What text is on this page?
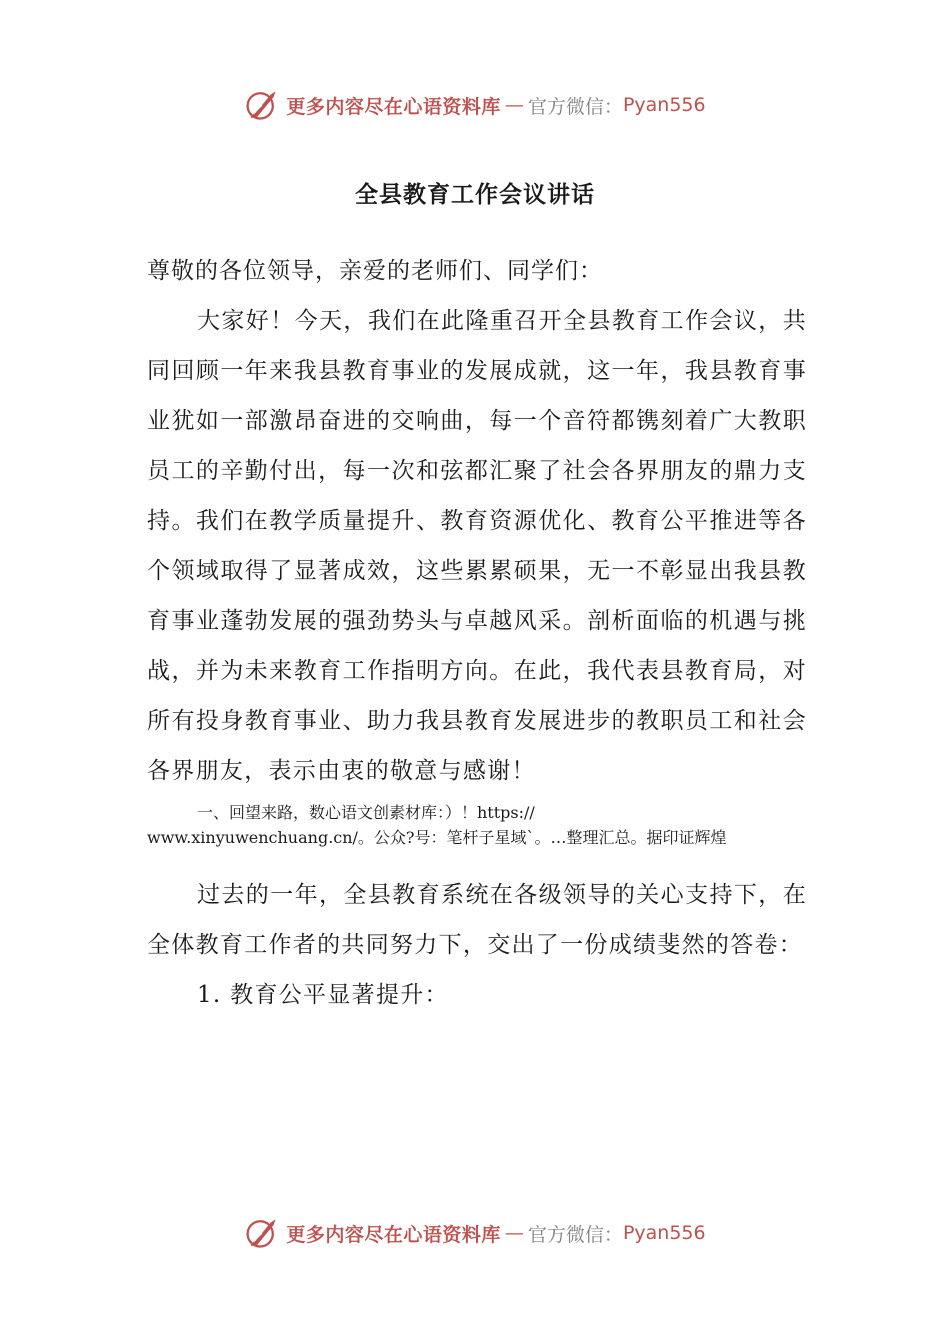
更多内容尽在心语资料库 — 官方微信： Pyan556
全县教育工作会议讲话

尊敬的各位领导，亲爱的老师们、同学们：

大家好！今天，我们在此隆重召开全县教育工作会议，共同回顾一年来我县教育事业的发展成就，这一年，我县教育事业犹如一部激昂奋进的交响曲，每一个音符都镌刻着广大教职员工的辛勤付出，每一次和弦都汇聚了社会各界朋友的鼎力支持。我们在教学质量提升、教育资源优化、教育公平推进等各个领域取得了显著成效，这些累累硕果，无一不彰显出我县教育事业蓬勃发展的强劲势头与卓越风采。剖析面临的机遇与挑战，并为未来教育工作指明方向。在此，我代表县教育局，对所有投身教育事业、助力我县教育发展进步的教职员工和社会各界朋友，表示由衷的敬意与感谢！

一、回望来路，数心语文创素材库：）！https://
www.xinyuwenchuang.cn/。公众?号：笔杆子星域`。…整理汇总。据印证辉煌

过去的一年，全县教育系统在各级领导的关心支持下，在全体教育工作者的共同努力下，交出了一份成绩斐然的答卷：

1. 教育公平显著提升：

更多内容尽在心语资料库 — 官方微信： Pyan556
